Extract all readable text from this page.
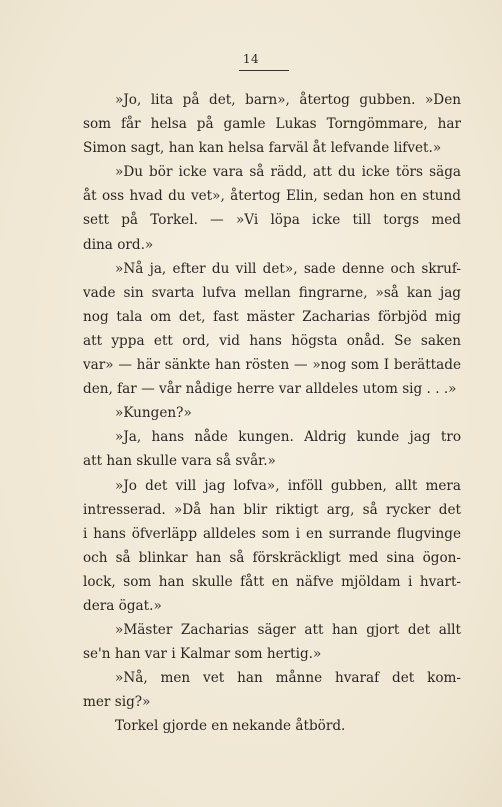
14
»Jo, lita på det, barn», återtog gubben. »Den
som får helsa på gamle Lukas Torngömmare, har
Simon sagt, han kan helsa farväl åt lefvande lifvet.»
»Du bör icke vara så rädd, att du icke törs säga
åt oss hvad du vet», återtog Elin, sedan hon en stund
sett på Torkel. — »Vi löpa icke till torgs med
dina ord.»
»Nå ja, efter du vill det», sade denne och skruf-
vade sin svarta lufva mellan fingrarne, »så kan jag
nog tala om det, fast mäster Zacharias förbjöd mig
att yppa ett ord, vid hans högsta onåd. Se saken
var» — här sänkte han rösten — »nog som I berättade
den, far — vår nådige herre var alldeles utom sig . . .»
»Kungen?»
»Ja, hans nåde kungen. Aldrig kunde jag tro
att han skulle vara så svår.»
»Jo det vill jag lofva», inföll gubben, allt mera
intresserad. »Då han blir riktigt arg, så rycker det
i hans öfverläpp alldeles som i en surrande flugvinge
och så blinkar han så förskräckligt med sina ögon-
lock, som han skulle fått en näfve mjöldam i hvart-
dera ögat.»
»Mäster Zacharias säger att han gjort det allt
se'n han var i Kalmar som hertig.»
»Nå, men vet han månne hvaraf det kom-
mer sig?»
Torkel gjorde en nekande åtbörd.
